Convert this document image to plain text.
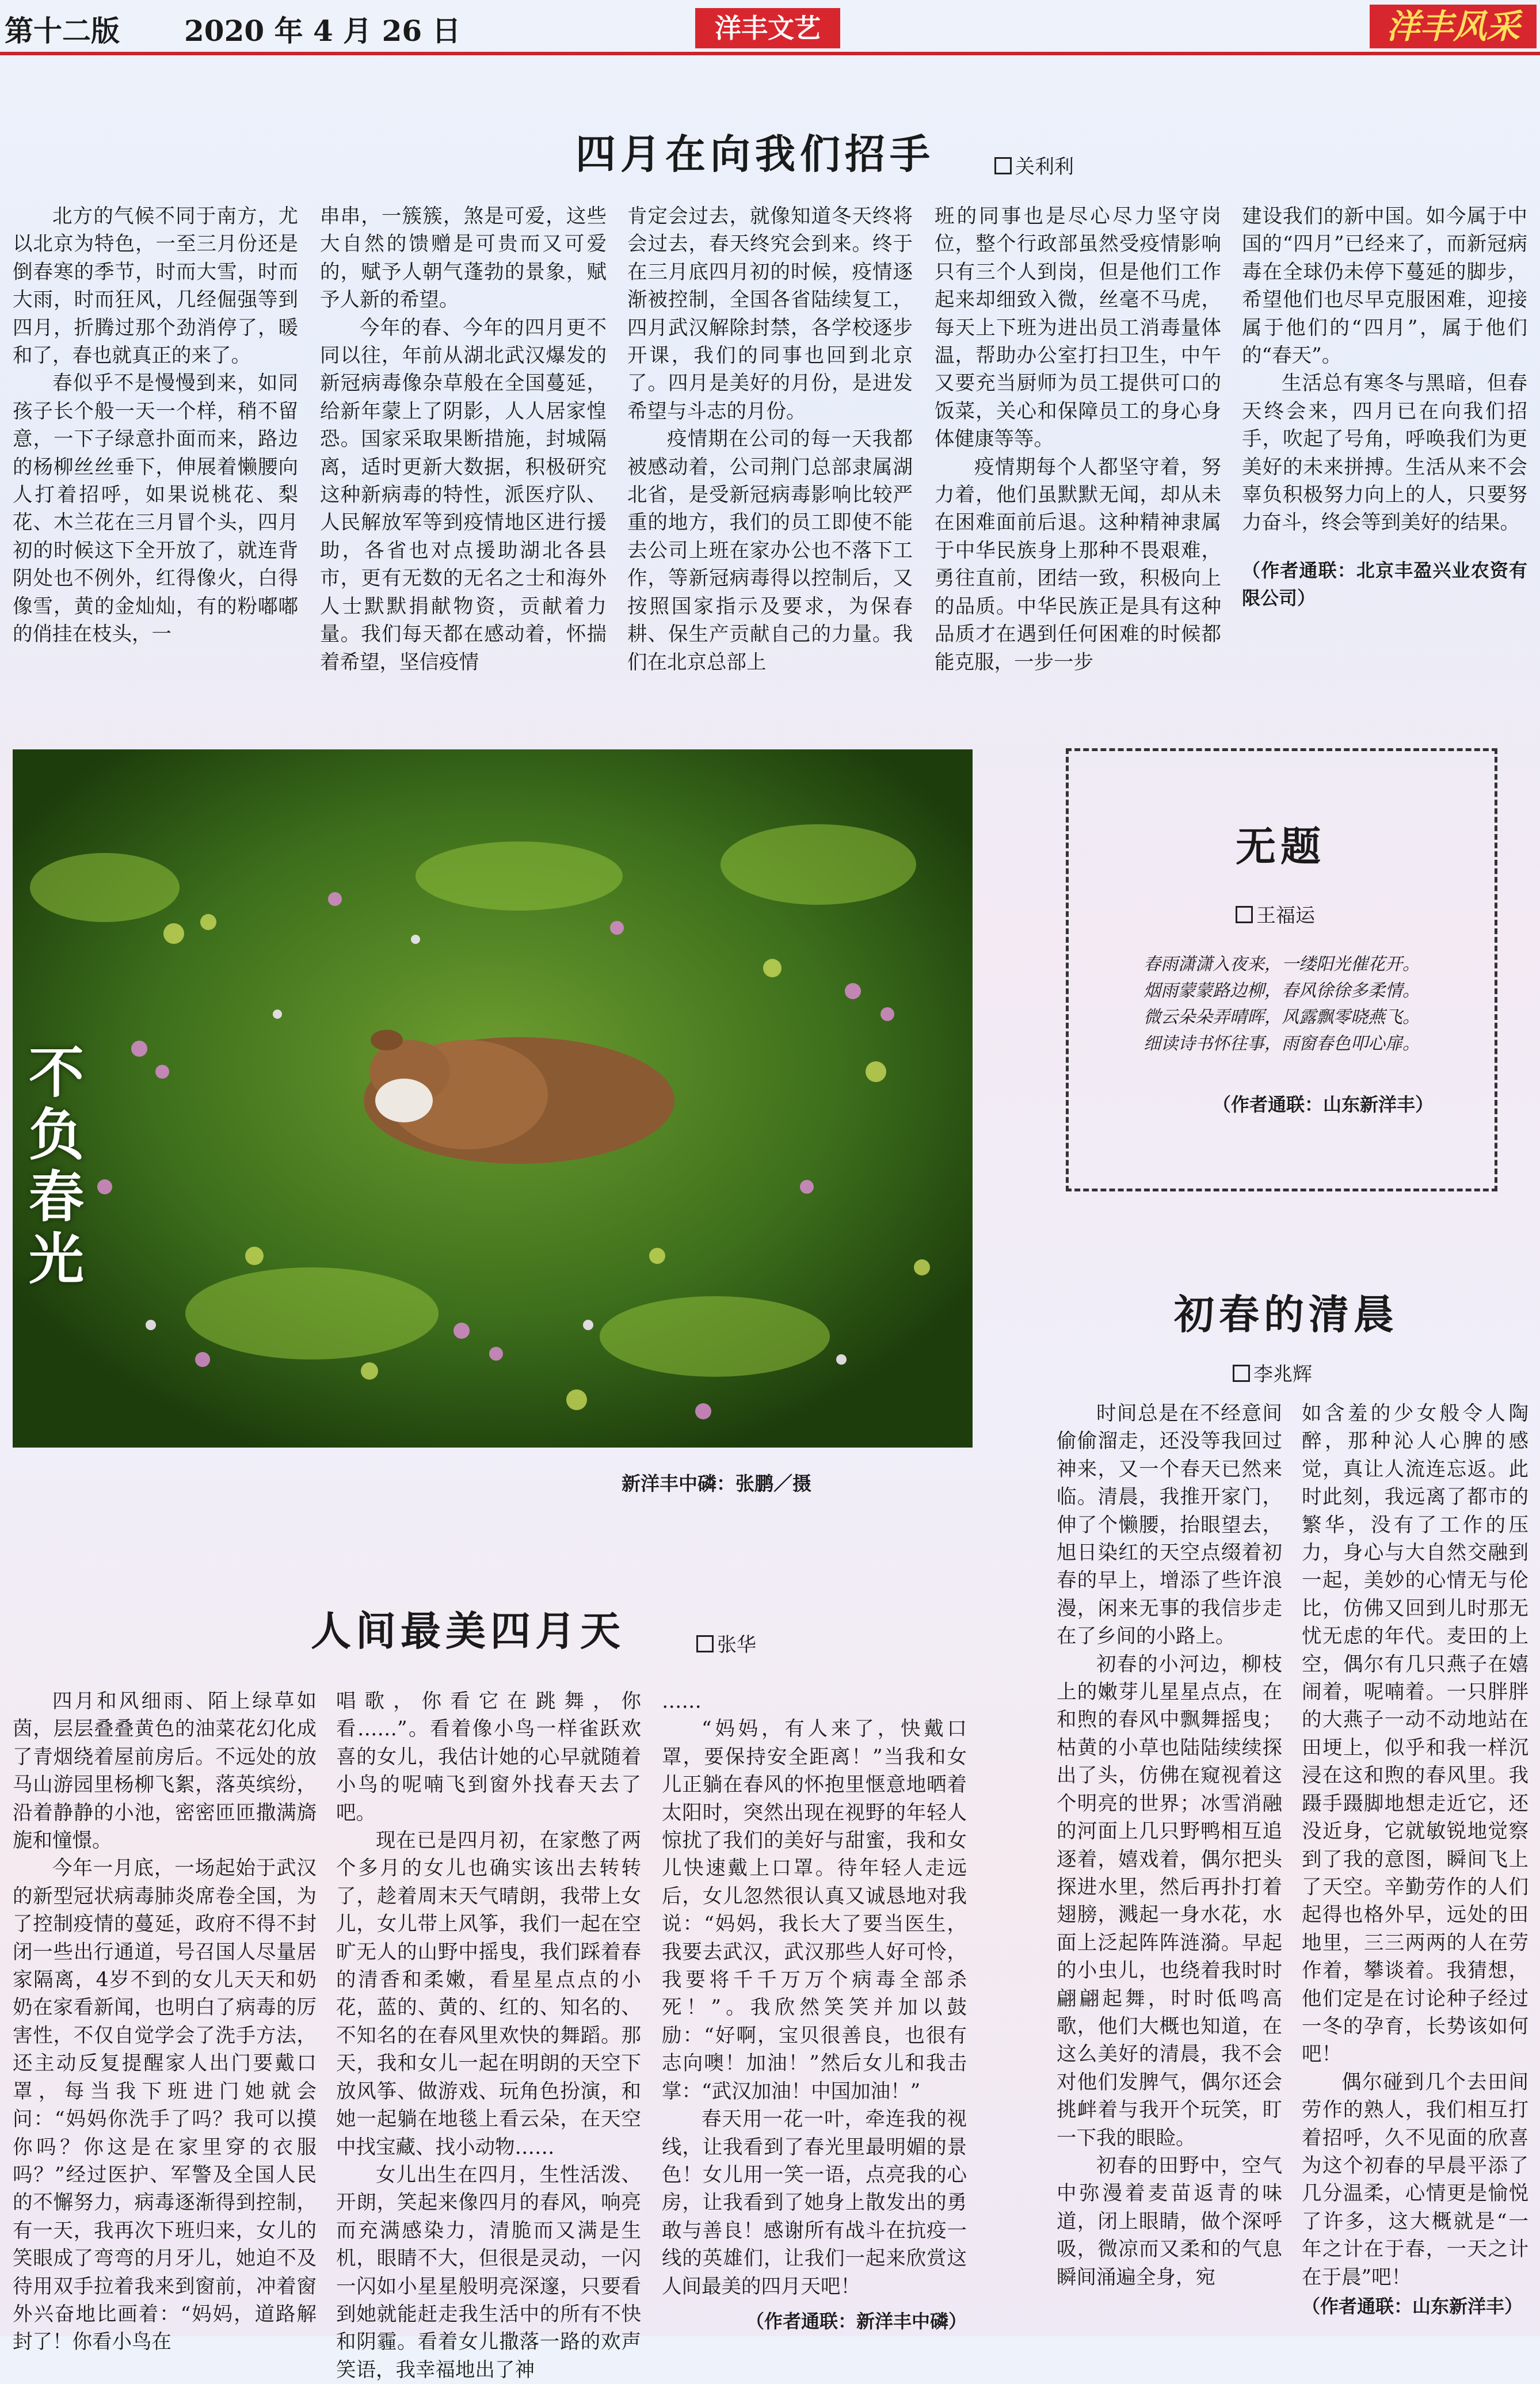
第十二版 2020 年 4 月 26 日	洋丰文艺	洋丰风采
四月在向我们招手	关利利

北方的气候不同于南方，尤以北京为特色，一至三月份还是倒春寒的季节，时而大雪，时而大雨，时而狂风，几经倔强等到四月，折腾过那个劲消停了，暖和了，春也就真正的来了。

春似乎不是慢慢到来，如同孩子长个般一天一个样，稍不留意，一下子绿意扑面而来，路边的杨柳丝丝垂下，伸展着懒腰向人打着招呼，如果说桃花、梨花、木兰花在三月冒个头，四月初的时候这下全开放了，就连背阴处也不例外，红得像火，白得像雪，黄的金灿灿，有的粉嘟嘟的俏挂在枝头，一

串串，一簇簇，煞是可爱，这些大自然的馈赠是可贵而又可爱的，赋予人朝气蓬勃的景象，赋予人新的希望。

今年的春、今年的四月更不同以往，年前从湖北武汉爆发的新冠病毒像杂草般在全国蔓延，给新年蒙上了阴影，人人居家惶恐。国家采取果断措施，封城隔离，适时更新大数据，积极研究这种新病毒的特性，派医疗队、人民解放军等到疫情地区进行援助，各省也对点援助湖北各县市，更有无数的无名之士和海外人士默默捐献物资，贡献着力量。我们每天都在感动着，怀揣着希望，坚信疫情

肯定会过去，就像知道冬天终将会过去，春天终究会到来。终于在三月底四月初的时候，疫情逐渐被控制，全国各省陆续复工，四月武汉解除封禁，各学校逐步开课，我们的同事也回到北京了。四月是美好的月份，是进发希望与斗志的月份。

疫情期在公司的每一天我都被感动着，公司荆门总部隶属湖北省，是受新冠病毒影响比较严重的地方，我们的员工即使不能去公司上班在家办公也不落下工作，等新冠病毒得以控制后，又按照国家指示及要求，为保春耕、保生产贡献自己的力量。我们在北京总部上

班的同事也是尽心尽力坚守岗位，整个行政部虽然受疫情影响只有三个人到岗，但是他们工作起来却细致入微，丝毫不马虎，每天上下班为进出员工消毒量体温，帮助办公室打扫卫生，中午又要充当厨师为员工提供可口的饭菜，关心和保障员工的身心身体健康等等。

疫情期每个人都坚守着，努力着，他们虽默默无闻，却从未在困难面前后退。这种精神隶属于中华民族身上那种不畏艰难，勇往直前，团结一致，积极向上的品质。中华民族正是具有这种品质才在遇到任何困难的时候都能克服，一步一步

建设我们的新中国。如今属于中国的“四月”已经来了，而新冠病毒在全球仍未停下蔓延的脚步，希望他们也尽早克服困难，迎接属于他们的“四月”，属于他们的“春天”。

生活总有寒冬与黑暗，但春天终会来，四月已在向我们招手，吹起了号角，呼唤我们为更美好的未来拼搏。生活从来不会辜负积极努力向上的人，只要努力奋斗，终会等到美好的结果。

（作者通联：北京丰盈兴业农资有限公司）
不负春光
新洋丰中磷：张鹏／摄
无题
王福运

春雨潇潇入夜来，一缕阳光催花开。

烟雨蒙蒙路边柳，春风徐徐多柔情。

微云朵朵弄晴晖，风露飘零晓燕飞。

细读诗书怀往事，雨窗春色叩心扉。

（作者通联：山东新洋丰）
初春的清晨
李兆辉

时间总是在不经意间偷偷溜走，还没等我回过神来，又一个春天已然来临。清晨，我推开家门，伸了个懒腰，抬眼望去，旭日染红的天空点缀着初春的早上，增添了些许浪漫，闲来无事的我信步走在了乡间的小路上。

初春的小河边，柳枝上的嫩芽儿星星点点，在和煦的春风中飘舞摇曳；枯黄的小草也陆陆续续探出了头，仿佛在窥视着这个明亮的世界；冰雪消融的河面上几只野鸭相互追逐着，嬉戏着，偶尔把头探进水里，然后再扑打着翅膀，溅起一身水花，水面上泛起阵阵涟漪。早起的小虫儿，也绕着我时时翩翩起舞，时时低鸣高歌，他们大概也知道，在这么美好的清晨，我不会对他们发脾气，偶尔还会挑衅着与我开个玩笑，盯一下我的眼睑。

初春的田野中，空气中弥漫着麦苗返青的味道，闭上眼睛，做个深呼吸，微凉而又柔和的气息瞬间涌遍全身，宛

如含羞的少女般令人陶醉，那种沁人心脾的感觉，真让人流连忘返。此时此刻，我远离了都市的繁华，没有了工作的压力，身心与大自然交融到一起，美妙的心情无与伦比，仿佛又回到儿时那无忧无虑的年代。麦田的上空，偶尔有几只燕子在嬉闹着，呢喃着。一只胖胖的大燕子一动不动地站在田埂上，似乎和我一样沉浸在这和煦的春风里。我蹑手蹑脚地想走近它，还没近身，它就敏锐地觉察到了我的意图，瞬间飞上了天空。辛勤劳作的人们起得也格外早，远处的田地里，三三两两的人在劳作着，攀谈着。我猜想，他们定是在讨论种子经过一冬的孕育，长势该如何吧！

偶尔碰到几个去田间劳作的熟人，我们相互打着招呼，久不见面的欣喜为这个初春的早晨平添了几分温柔，心情更是愉悦了许多，这大概就是“一年之计在于春，一天之计在于晨”吧！

（作者通联：山东新洋丰）
人间最美四月天	张华

四月和风细雨、陌上绿草如茵，层层叠叠黄色的油菜花幻化成了青烟绕着屋前房后。不远处的放马山游园里杨柳飞絮，落英缤纷，沿着静静的小池，密密匝匝撒满旖旎和憧憬。

今年一月底，一场起始于武汉的新型冠状病毒肺炎席卷全国，为了控制疫情的蔓延，政府不得不封闭一些出行通道，号召国人尽量居家隔离，4岁不到的女儿天天和奶奶在家看新闻，也明白了病毒的厉害性，不仅自觉学会了洗手方法，还主动反复提醒家人出门要戴口罩，每当我下班进门她就会问：“妈妈你洗手了吗？我可以摸你吗？你这是在家里穿的衣服吗？”经过医护、军警及全国人民的不懈努力，病毒逐渐得到控制，有一天，我再次下班归来，女儿的笑眼成了弯弯的月牙儿，她迫不及待用双手拉着我来到窗前，冲着窗外兴奋地比画着：“妈妈，道路解封了！你看小鸟在

唱歌，你看它在跳舞，你看……”。看着像小鸟一样雀跃欢喜的女儿，我估计她的心早就随着小鸟的呢喃飞到窗外找春天去了吧。

现在已是四月初，在家憋了两个多月的女儿也确实该出去转转了，趁着周末天气晴朗，我带上女儿，女儿带上风筝，我们一起在空旷无人的山野中摇曳，我们踩着春的清香和柔嫩，看星星点点的小花，蓝的、黄的、红的、知名的、不知名的在春风里欢快的舞蹈。那天，我和女儿一起在明朗的天空下放风筝、做游戏、玩角色扮演，和她一起躺在地毯上看云朵，在天空中找宝藏、找小动物……

女儿出生在四月，生性活泼、开朗，笑起来像四月的春风，响亮而充满感染力，清脆而又满是生机，眼睛不大，但很是灵动，一闪一闪如小星星般明亮深邃，只要看到她就能赶走我生活中的所有不快和阴霾。看着女儿撒落一路的欢声笑语，我幸福地出了神

……

“妈妈，有人来了，快戴口罩，要保持安全距离！”当我和女儿正躺在春风的怀抱里惬意地晒着太阳时，突然出现在视野的年轻人惊扰了我们的美好与甜蜜，我和女儿快速戴上口罩。待年轻人走远后，女儿忽然很认真又诚恳地对我说：“妈妈，我长大了要当医生，我要去武汉，武汉那些人好可怜，我要将千千万万个病毒全部杀死！”。我欣然笑笑并加以鼓励：“好啊，宝贝很善良，也很有志向噢！加油！”然后女儿和我击掌：“武汉加油！中国加油！”

春天用一花一叶，牵连我的视线，让我看到了春光里最明媚的景色！女儿用一笑一语，点亮我的心房，让我看到了她身上散发出的勇敢与善良！感谢所有战斗在抗疫一线的英雄们，让我们一起来欣赏这人间最美的四月天吧！

（作者通联：新洋丰中磷）
